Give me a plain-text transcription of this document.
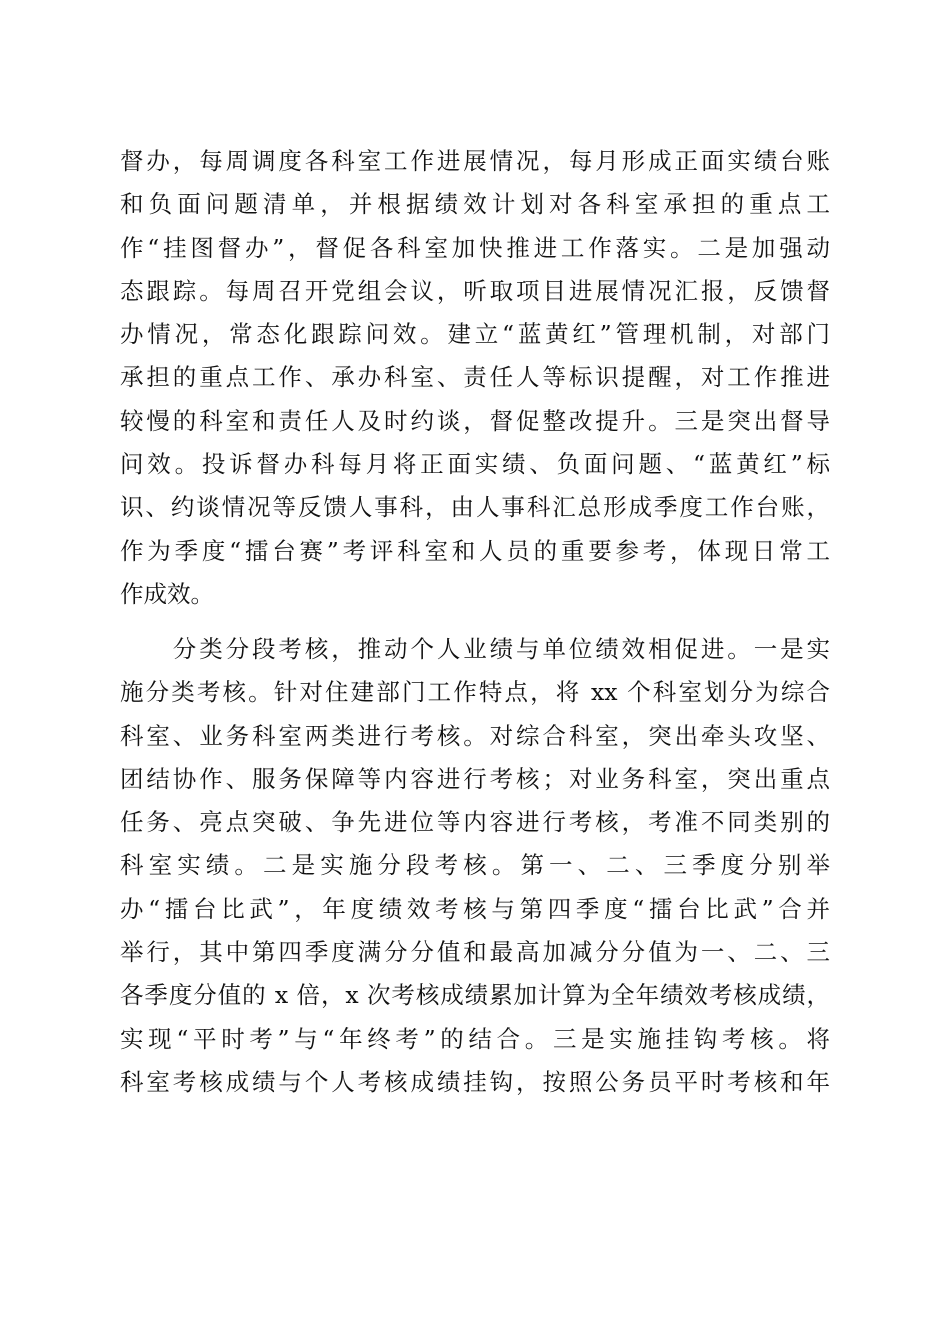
督办，每周调度各科室工作进展情况，每月形成正面实绩台账
和负面问题清单，并根据绩效计划对各科室承担的重点工
作“挂图督办”，督促各科室加快推进工作落实。二是加强动
态跟踪。每周召开党组会议，听取项目进展情况汇报，反馈督
办情况，常态化跟踪问效。建立“蓝黄红”管理机制，对部门
承担的重点工作、承办科室、责任人等标识提醒，对工作推进
较慢的科室和责任人及时约谈，督促整改提升。三是突出督导
问效。投诉督办科每月将正面实绩、负面问题、“蓝黄红”标
识、约谈情况等反馈人事科，由人事科汇总形成季度工作台账，
作为季度“擂台赛”考评科室和人员的重要参考，体现日常工
作成效。
　　分类分段考核，推动个人业绩与单位绩效相促进。一是实
施分类考核。针对住建部门工作特点，将 xx 个科室划分为综合
科室、业务科室两类进行考核。对综合科室，突出牵头攻坚、
团结协作、服务保障等内容进行考核；对业务科室，突出重点
任务、亮点突破、争先进位等内容进行考核，考准不同类别的
科室实绩。二是实施分段考核。第一、二、三季度分别举
办“擂台比武”，年度绩效考核与第四季度“擂台比武”合并
举行，其中第四季度满分分值和最高加减分分值为一、二、三
各季度分值的 x 倍，x 次考核成绩累加计算为全年绩效考核成绩，
实现“平时考”与“年终考”的结合。三是实施挂钩考核。将
科室考核成绩与个人考核成绩挂钩，按照公务员平时考核和年
